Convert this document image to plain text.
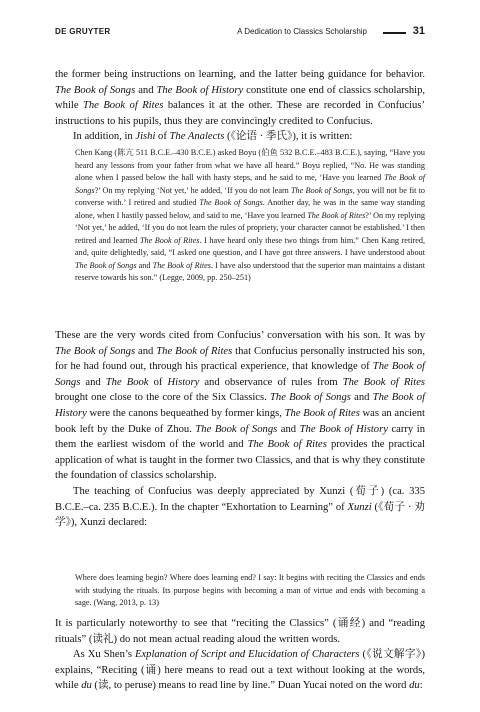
DE GRUYTER	A Dedication to Classics Scholarship	31

the former being instructions on learning, and the latter being guidance for behavior. The Book of Songs and The Book of History constitute one end of classics scholarship, while The Book of Rites balances it at the other. These are recorded in Confucius’ instructions to his pupils, thus they are convincingly credited to Confucius.

In addition, in Jishi of The Analects (《论语 · 季氏》), it is written:

Chen Kang (陈亢 511 B.C.E.–430 B.C.E.) asked Boyu (伯鱼 532 B.C.E.–483 B.C.E.), saying, “Have you heard any lessons from your father from what we have all heard.” Boyu replied, “No. He was standing alone when I passed below the hall with hasty steps, and he said to me, ‘Have you learned The Book of Songs?’ On my replying ‘Not yet,’ he added, ‘If you do not learn The Book of Songs, you will not be fit to converse with.’ I retired and studied The Book of Songs. Another day, he was in the same way standing alone, when I hastily passed below, and said to me, ‘Have you learned The Book of Rites?’ On my replying ‘Not yet,’ he added, ‘If you do not learn the rules of propriety, your character cannot be established.’ I then retired and learned The Book of Rites. I have heard only these two things from him.” Chen Kang retired, and, quite delightedly, said, “I asked one question, and I have got three answers. I have understood about The Book of Songs and The Book of Rites. I have also understood that the superior man maintains a distant reserve towards his son.” (Legge, 2009, pp. 250–251)

These are the very words cited from Confucius’ conversation with his son. It was by The Book of Songs and The Book of Rites that Confucius personally instructed his son, for he had found out, through his practical experience, that knowledge of The Book of Songs and The Book of History and observance of rules from The Book of Rites brought one close to the core of the Six Classics. The Book of Songs and The Book of History were the canons bequeathed by former kings, The Book of Rites was an ancient book left by the Duke of Zhou. The Book of Songs and The Book of History carry in them the earliest wisdom of the world and The Book of Rites provides the practical application of what is taught in the former two Classics, and that is why they constitute the foundation of classics scholarship.

The teaching of Confucius was deeply appreciated by Xunzi (荀子) (ca. 335 B.C.E.–ca. 235 B.C.E.). In the chapter “Exhortation to Learning” of Xunzi (《荀子 · 劝学》), Xunzi declared:

Where does learning begin? Where does learning end? I say: It begins with reciting the Classics and ends with studying the rituals. Its purpose begins with becoming a man of virtue and ends with becoming a sage. (Wang, 2013, p. 13)

It is particularly noteworthy to see that “reciting the Classics” (诵经) and “reading rituals” (读礼) do not mean actual reading aloud the written words.

As Xu Shen’s Explanation of Script and Elucidation of Characters (《说文解字》) explains, “Reciting (诵) here means to read out a text without looking at the words, while du (读, to peruse) means to read line by line.” Duan Yucai noted on the word du:
